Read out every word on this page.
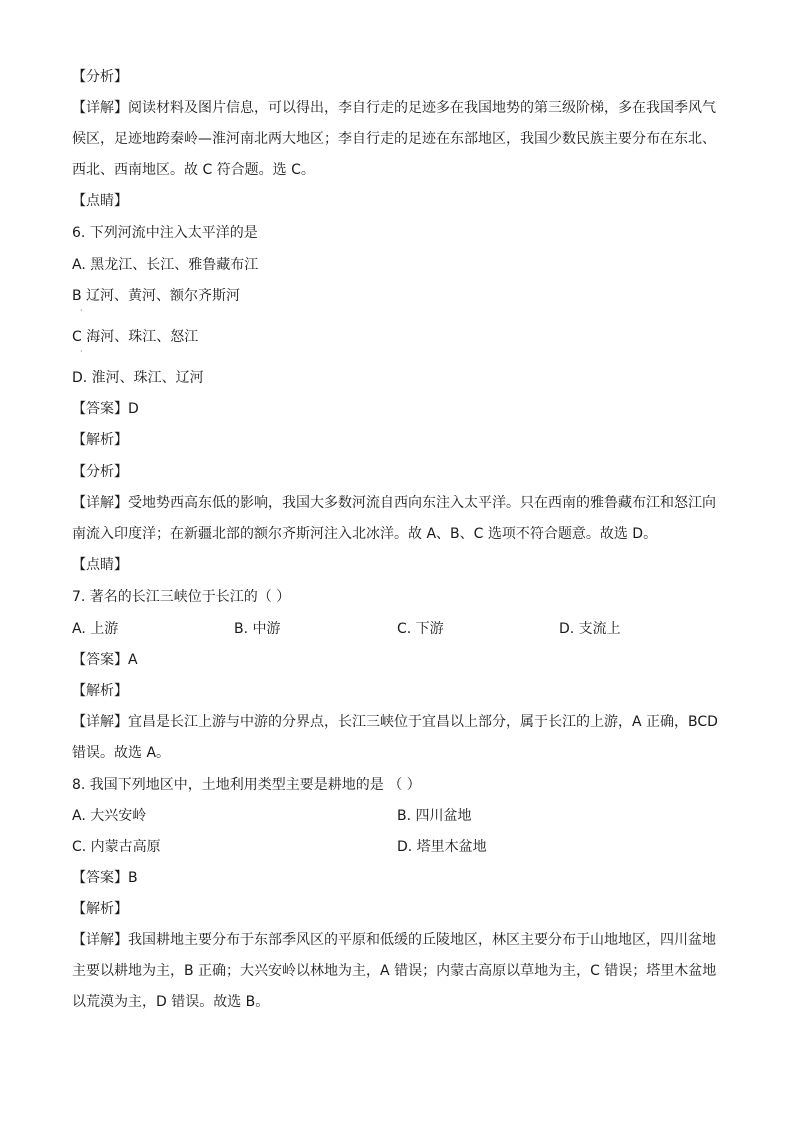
【分析】
【详解】阅读材料及图片信息，可以得出，李自行走的足迹多在我国地势的第三级阶梯，多在我国季风气候区，足迹地跨秦岭—淮河南北两大地区；李自行走的足迹在东部地区，我国少数民族主要分布在东北、西北、西南地区。故 C 符合题。选 C。
【点睛】
6. 下列河流中注入太平洋的是
A. 黑龙江、长江、雅鲁藏布江
B 辽河、黄河、额尔齐斯河
·
C 海河、珠江、怒江
·
D. 淮河、珠江、辽河
【答案】D
【解析】
【分析】
【详解】受地势西高东低的影响，我国大多数河流自西向东注入太平洋。只在西南的雅鲁藏布江和怒江向南流入印度洋；在新疆北部的额尔齐斯河注入北冰洋。故 A、B、C 选项不符合题意。故选 D。
【点睛】
7. 著名的长江三峡位于长江的（ ）
A. 上游	B. 中游	C. 下游	D. 支流上
【答案】A
【解析】
【详解】宜昌是长江上游与中游的分界点，长江三峡位于宜昌以上部分，属于长江的上游，A 正确，BCD 错误。故选 A。
8. 我国下列地区中，土地利用类型主要是耕地的是 （ ）
A. 大兴安岭	B. 四川盆地
C. 内蒙古高原	D. 塔里木盆地
【答案】B
【解析】
【详解】我国耕地主要分布于东部季风区的平原和低缓的丘陵地区，林区主要分布于山地地区，四川盆地主要以耕地为主，B 正确；大兴安岭以林地为主，A 错误；内蒙古高原以草地为主，C 错误；塔里木盆地以荒漠为主，D 错误。故选 B。
